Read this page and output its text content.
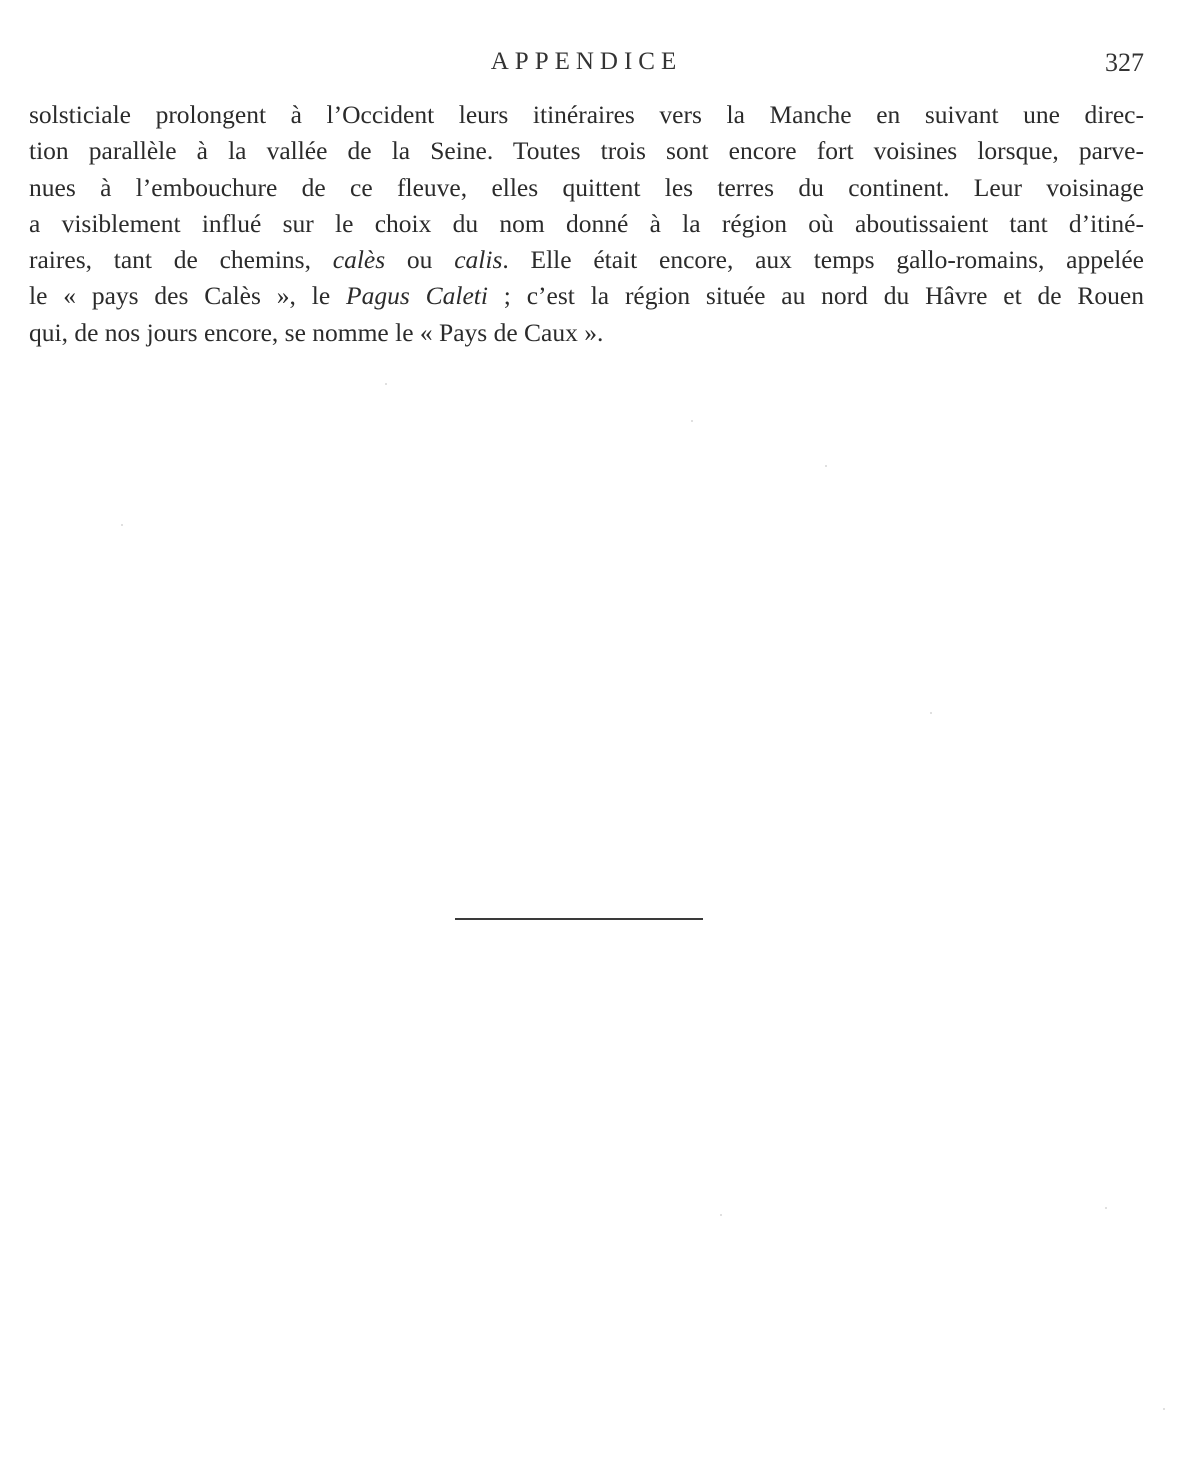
APPENDICE	327
solsticiale prolongent à l’Occident leurs itinéraires vers la Manche en suivant une direc-
tion parallèle à la vallée de la Seine. Toutes trois sont encore fort voisines lorsque, parve-
nues à l’embouchure de ce fleuve, elles quittent les terres du continent. Leur voisinage
a visiblement influé sur le choix du nom donné à la région où aboutissaient tant d’itiné-
raires, tant de chemins, calès ou calis. Elle était encore, aux temps gallo-romains, appelée
le « pays des Calès », le Pagus Caleti ; c’est la région située au nord du Hâvre et de Rouen
qui, de nos jours encore, se nomme le « Pays de Caux ».
